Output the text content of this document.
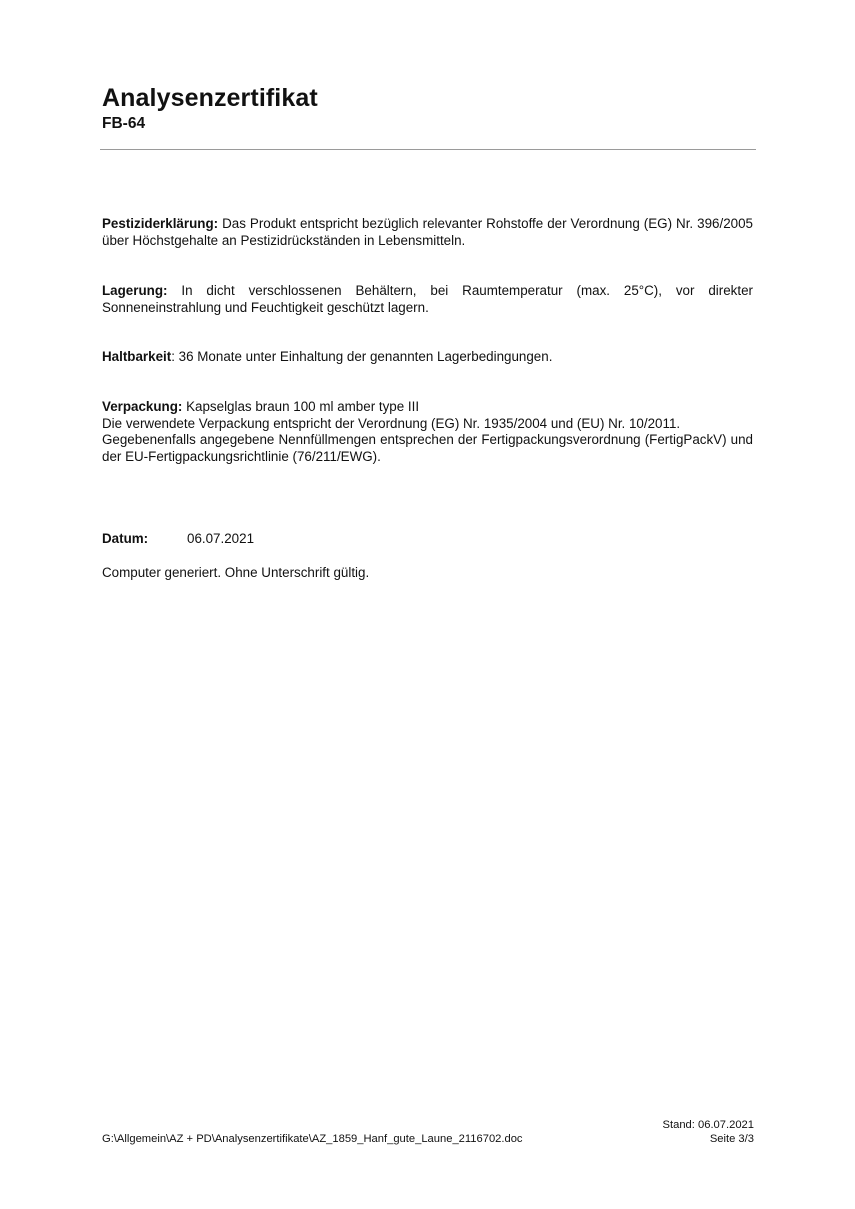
Analysenzertifikat
FB-64

Pestiziderklärung: Das Produkt entspricht bezüglich relevanter Rohstoffe der Verordnung (EG) Nr. 396/2005 über Höchstgehalte an Pestizidrückständen in Lebensmitteln.

Lagerung: In dicht verschlossenen Behältern, bei Raumtemperatur (max. 25°C), vor direkter Sonneneinstrahlung und Feuchtigkeit geschützt lagern.

Haltbarkeit: 36 Monate unter Einhaltung der genannten Lagerbedingungen.

Verpackung: Kapselglas braun 100 ml amber type III

Die verwendete Verpackung entspricht der Verordnung (EG) Nr. 1935/2004 und (EU) Nr. 10/2011.

Gegebenenfalls angegebene Nennfüllmengen entsprechen der Fertigpackungsverordnung (FertigPackV) und der EU-Fertigpackungsrichtlinie (76/211/EWG).

Datum:	06.07.2021
Computer generiert. Ohne Unterschrift gültig.
G:\Allgemein\AZ + PD\Analysenzertifikate\AZ_1859_Hanf_gute_Laune_2116702.doc
Stand: 06.07.2021
Seite 3/3
